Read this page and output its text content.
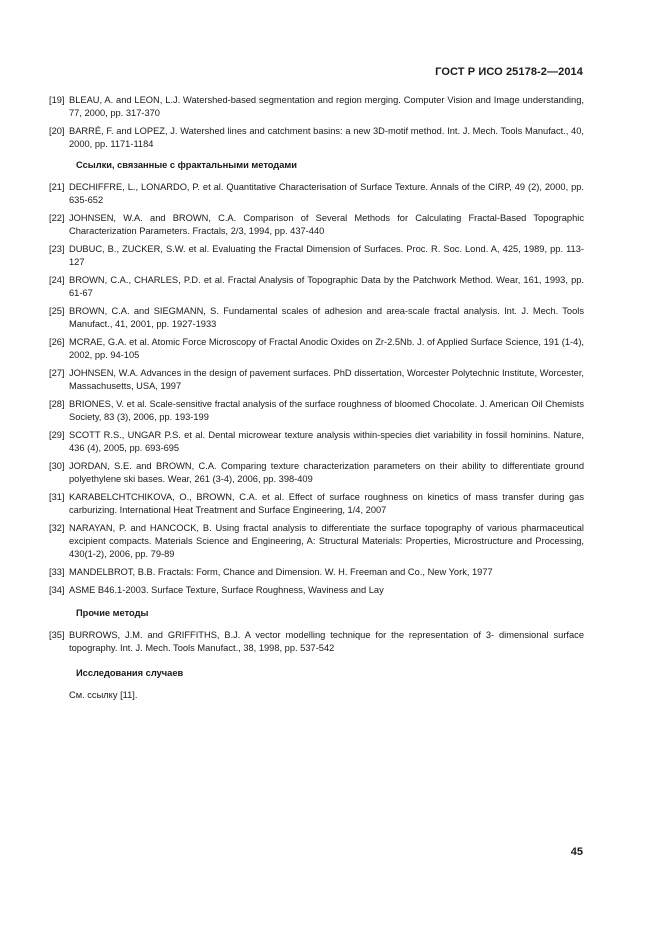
ГОСТ Р ИСО 25178-2—2014
[19] BLEAU, A. and LEON, L.J. Watershed-based segmentation and region merging. Computer Vision and Image understanding, 77, 2000, pp. 317-370
[20] BARRÉ, F. and LOPEZ, J. Watershed lines and catchment basins: a new 3D-motif method. Int. J. Mech. Tools Manufact., 40, 2000, pp. 1171-1184
Ссылки, связанные с фрактальными методами
[21] DECHIFFRE, L., LONARDO, P. et al. Quantitative Characterisation of Surface Texture. Annals of the CIRP, 49 (2), 2000, pp. 635-652
[22] JOHNSEN, W.A. and BROWN, C.A. Comparison of Several Methods for Calculating Fractal-Based Topographic Characterization Parameters. Fractals, 2/3, 1994, pp. 437-440
[23] DUBUC, B., ZUCKER, S.W. et al. Evaluating the Fractal Dimension of Surfaces. Proc. R. Soc. Lond. A, 425, 1989, pp. 113-127
[24] BROWN, C.A., CHARLES, P.D. et al. Fractal Analysis of Topographic Data by the Patchwork Method. Wear, 161, 1993, pp. 61-67
[25] BROWN, C.A. and SIEGMANN, S. Fundamental scales of adhesion and area-scale fractal analysis. Int. J. Mech. Tools Manufact., 41, 2001, pp. 1927-1933
[26] MCRAE, G.A. et al. Atomic Force Microscopy of Fractal Anodic Oxides on Zr-2.5Nb. J. of Applied Surface Science, 191 (1-4), 2002, pp. 94-105
[27] JOHNSEN, W.A. Advances in the design of pavement surfaces. PhD dissertation, Worcester Polytechnic Institute, Worcester, Massachusetts, USA, 1997
[28] BRIONES, V. et al. Scale-sensitive fractal analysis of the surface roughness of bloomed Chocolate. J. American Oil Chemists Society, 83 (3), 2006, pp. 193-199
[29] SCOTT R.S., UNGAR P.S. et al. Dental microwear texture analysis within-species diet variability in fossil hominins. Nature, 436 (4), 2005, pp. 693-695
[30] JORDAN, S.E. and BROWN, C.A. Comparing texture characterization parameters on their ability to differentiate ground polyethylene ski bases. Wear, 261 (3-4), 2006, pp. 398-409
[31] KARABELCHTCHIKOVA, O., BROWN, C.A. et al. Effect of surface roughness on kinetics of mass transfer during gas carburizing. International Heat Treatment and Surface Engineering, 1/4, 2007
[32] NARAYAN, P. and HANCOCK, B. Using fractal analysis to differentiate the surface topography of various pharmaceutical excipient compacts. Materials Science and Engineering, A: Structural Materials: Properties, Microstructure and Processing, 430(1-2), 2006, pp. 79-89
[33] MANDELBROT, B.B. Fractals: Form, Chance and Dimension. W. H. Freeman and Co., New York, 1977
[34] ASME B46.1-2003. Surface Texture, Surface Roughness, Waviness and Lay
Прочие методы
[35] BURROWS, J.M. and GRIFFITHS, B.J. A vector modelling technique for the representation of 3- dimensional surface topography. Int. J. Mech. Tools Manufact., 38, 1998, pp. 537-542
Исследования случаев
См. ссылку [11].
45
